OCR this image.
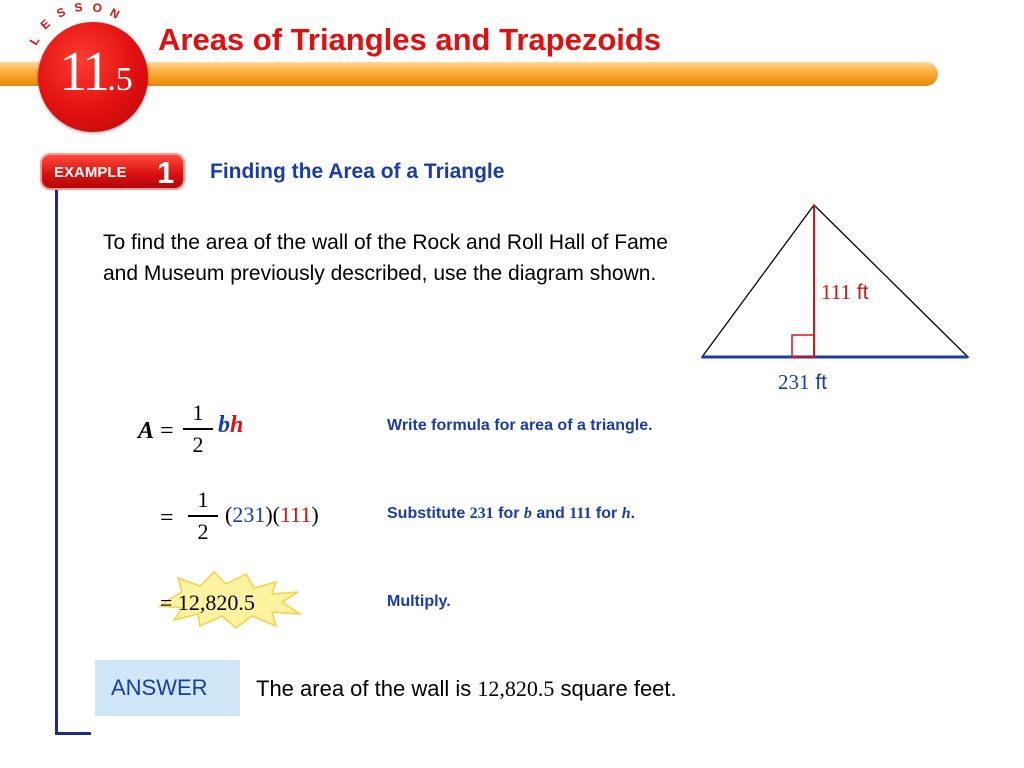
L
E
S S O N
11.5
Areas of Triangles and Trapezoids
EXAMPLE 1 Finding the Area of a Triangle
To find the area of the wall of the Rock and Roll Hall of Fame and Museum previously described, use the diagram shown.
111 ft
231 ft
A =
1
2
bh	Write formula for area of a triangle.
=
1
2
(231)(111)	Substitute 231 for b and 111 for h.
= 12,820.5	Multiply.
ANSWER The area of the wall is 12,820.5 square feet.
